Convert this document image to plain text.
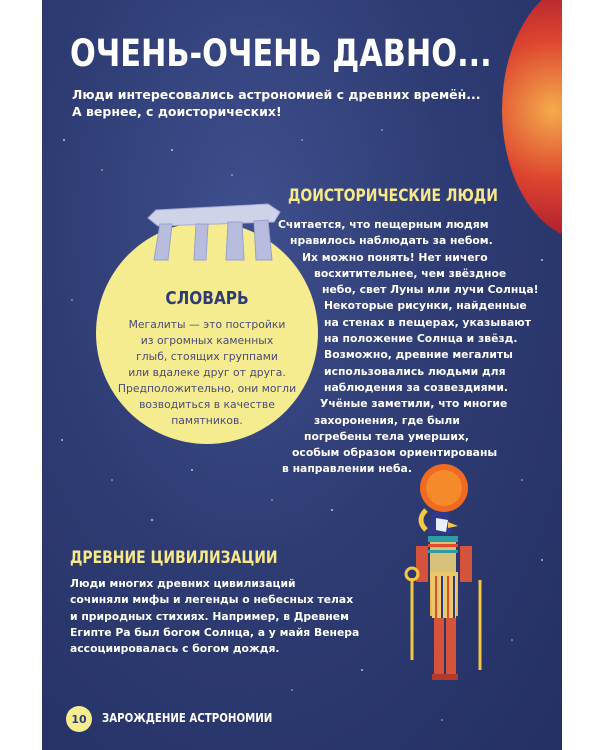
ОЧЕНЬ-ОЧЕНЬ ДАВНО...
Люди интересовались астрономией с древних времён...
А вернее, с доисторических!
СЛОВАРЬ
Мегалиты — это постройки
из огромных каменных
глыб, стоящих группами
или вдалеке друг от друга.
Предположительно, они могли
возводиться в качестве
памятников.
ДОИСТОРИЧЕСКИЕ ЛЮДИ
Считается, что пещерным людям
нравилось наблюдать за небом.
Их можно понять! Нет ничего
восхитительнее, чем звёздное
небо, свет Луны или лучи Солнца!
Некоторые рисунки, найденные
на стенах в пещерах, указывают
на положение Солнца и звёзд.
Возможно, древние мегалиты
использовались людьми для
наблюдения за созвездиями.
Учёные заметили, что многие
захоронения, где были
погребены тела умерших,
особым образом ориентированы
в направлении неба.
ДРЕВНИЕ ЦИВИЛИЗАЦИИ
Люди многих древних цивилизаций
сочиняли мифы и легенды о небесных телах
и природных стихиях. Например, в Древнем
Египте Ра был богом Солнца, а у майя Венера
ассоциировалась с богом дождя.
10	ЗАРОЖДЕНИЕ АСТРОНОМИИ
